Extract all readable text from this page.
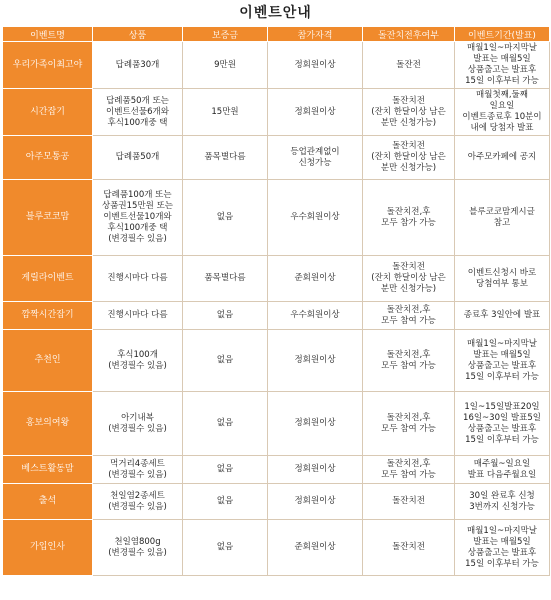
이벤트안내
이벤트명	상품	보증금	참가자격	돌잔치전후여부	이벤트기간(발표)
우리가족이최고야	답례품30개	9만원	정회원이상	돌잔전	매월1일~마지막날
발표는 매월5일
상품출고는 발표후
15일 이후부터 가능
시간잡기	답례품50개 또는
이벤트선물6개와
후식100개중 택	15만원	정회원이상	돌잔치전
(잔치 한달이상 남은
분만 신청가능)	매월첫째,둘째
일요일
이벤트종료후 10분이
내에 당첨자 발표
아주모통공	답례품50개	품목별다름	등업관계없이
신청가능	돌잔치전
(잔치 한달이상 남은
분만 신청가능)	아주모카페에 공지
블루코코맘	답례품100개 또는
상품권15만원 또는
이벤트선물10개와
후식100개중 택
(변경필수 있음)	없음	우수회원이상	돌잔치전,후
모두 참가 가능	블루코코맘게시글
참고
게릴라이벤트	진행시마다 다름	품목별다름	준회원이상	돌잔치전
(잔치 한달이상 남은
분만 신청가능)	이벤트신청시 바로
당첨여부 통보
깜짝시간잡기	진행시마다 다름	없음	우수회원이상	돌잔치전,후
모두 참여 가능	종료후 3일안에 발표
추천인	후식100개
(변경필수 있음)	없음	정회원이상	돌잔치전,후
모두 참여 가능	매월1일~마지막날
발표는 매월5일
상품출고는 발표후
15일 이후부터 가능
홍보의여왕	아기내복
(변경필수 있음)	없음	정회원이상	돌잔치전,후
모두 참여 가능	1일~15일발표20일
16일~30일 발표5일
상품출고는 발표후
15일 이후부터 가능
베스트활동맘	먹거리4종세트
(변경필수 있음)	없음	정회원이상	돌잔치전,후
모두 참여 가능	매주월~일요일
발표 다음주월요일
출석	천일염2종세트
(변경필수 있음)	없음	정회원이상	돌잔치전	30일 완료후 신청
3번까지 신청가능
가입인사	천일염800g
(변경필수 있음)	없음	준회원이상	돌잔치전	매월1일~마지막날
발표는 매월5일
상품출고는 발표후
15일 이후부터 가능
